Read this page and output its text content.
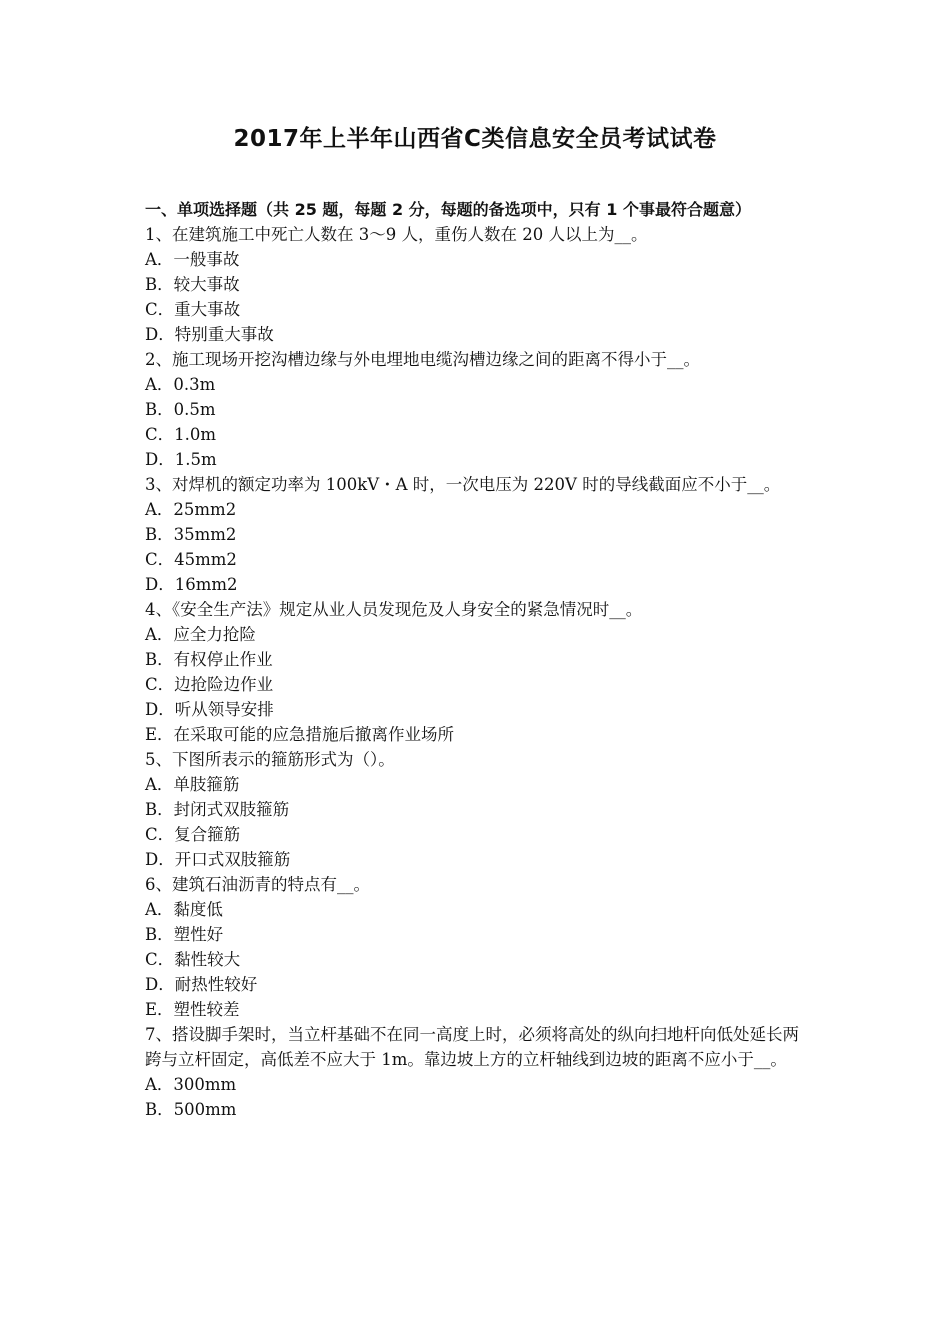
2017年上半年山西省C类信息安全员考试试卷
一、单项选择题（共 25 题，每题 2 分，每题的备选项中，只有 1 个事最符合题意）
1、在建筑施工中死亡人数在 3～9 人，重伤人数在 20 人以上为__。
A．一般事故
B．较大事故
C．重大事故
D．特别重大事故
2、施工现场开挖沟槽边缘与外电埋地电缆沟槽边缘之间的距离不得小于__。
A．0.3m
B．0.5m
C．1.0m
D．1.5m
3、对焊机的额定功率为 100kV・A 时，一次电压为 220V 时的导线截面应不小于__。
A．25mm2
B．35mm2
C．45mm2
D．16mm2
4、《安全生产法》规定从业人员发现危及人身安全的紧急情况时__。
A．应全力抢险
B．有权停止作业
C．边抢险边作业
D．听从领导安排
E．在采取可能的应急措施后撤离作业场所
5、下图所表示的箍筋形式为（）。
A．单肢箍筋
B．封闭式双肢箍筋
C．复合箍筋
D．开口式双肢箍筋
6、建筑石油沥青的特点有__。
A．黏度低
B．塑性好
C．黏性较大
D．耐热性较好
E．塑性较差
7、搭设脚手架时，当立杆基础不在同一高度上时，必须将高处的纵向扫地杆向低处延长两跨与立杆固定，高低差不应大于 1m。靠边坡上方的立杆轴线到边坡的距离不应小于__。
A．300mm
B．500mm
